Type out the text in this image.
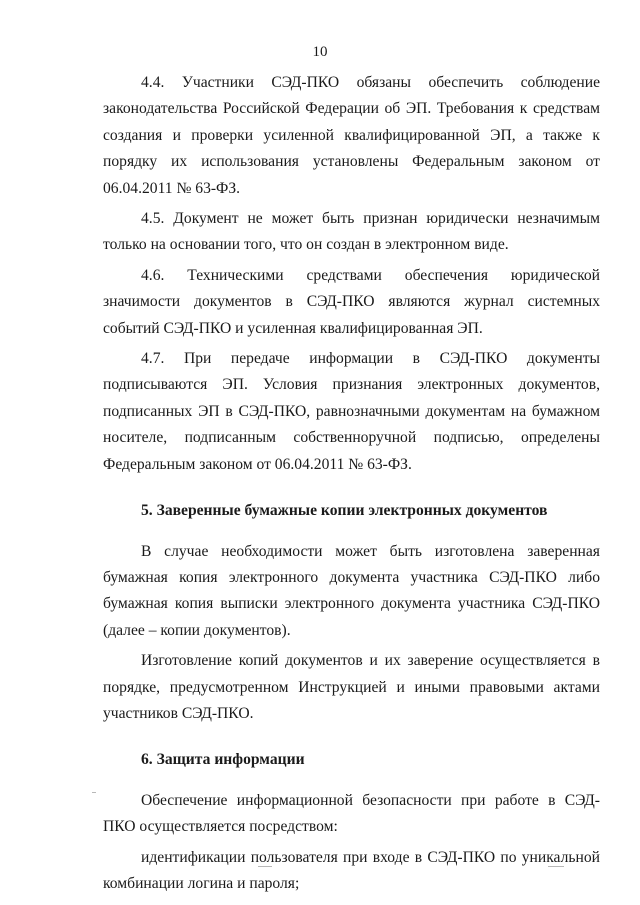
10

4.4. Участники СЭД-ПКО обязаны обеспечить соблюдение законодательства Российской Федерации об ЭП. Требования к средствам создания и проверки усиленной квалифицированной ЭП, а также к порядку их использования установлены Федеральным законом от 06.04.2011 № 63-ФЗ.

4.5. Документ не может быть признан юридически незначимым только на основании того, что он создан в электронном виде.

4.6. Техническими средствами обеспечения юридической значимости документов в СЭД-ПКО являются журнал системных событий СЭД-ПКО и усиленная квалифицированная ЭП.

4.7. При передаче информации в СЭД-ПКО документы подписываются ЭП. Условия признания электронных документов, подписанных ЭП в СЭД-ПКО, равнозначными документам на бумажном носителе, подписанным собственноручной подписью, определены Федеральным законом от 06.04.2011 № 63-ФЗ.

5. Заверенные бумажные копии электронных документов

В случае необходимости может быть изготовлена заверенная бумажная копия электронного документа участника СЭД-ПКО либо бумажная копия выписки электронного документа участника СЭД-ПКО (далее – копии документов).

Изготовление копий документов и их заверение осуществляется в порядке, предусмотренном Инструкцией и иными правовыми актами участников СЭД-ПКО.

6. Защита информации

Обеспечение информационной безопасности при работе в СЭД-ПКО осуществляется посредством:

идентификации пользователя при входе в СЭД-ПКО по уникальной комбинации логина и пароля;
